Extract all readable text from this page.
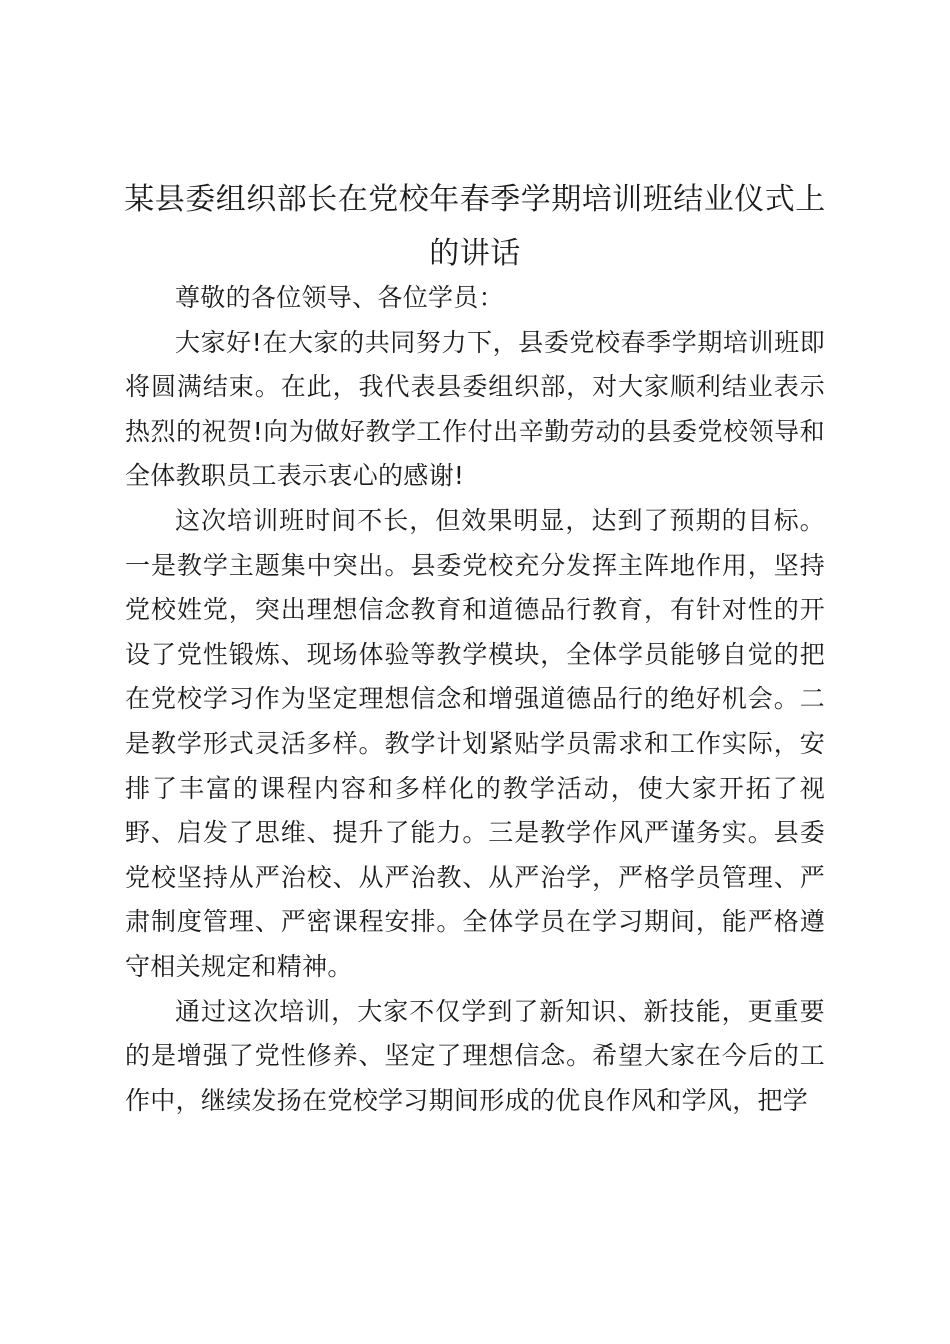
某县委组织部长在党校年春季学期培训班结业仪式上的讲话

尊敬的各位领导、各位学员：

大家好!在大家的共同努力下，县委党校春季学期培训班即将圆满结束。在此，我代表县委组织部，对大家顺利结业表示热烈的祝贺!向为做好教学工作付出辛勤劳动的县委党校领导和全体教职员工表示衷心的感谢!

这次培训班时间不长，但效果明显，达到了预期的目标。一是教学主题集中突出。县委党校充分发挥主阵地作用，坚持党校姓党，突出理想信念教育和道德品行教育，有针对性的开设了党性锻炼、现场体验等教学模块，全体学员能够自觉的把在党校学习作为坚定理想信念和增强道德品行的绝好机会。二是教学形式灵活多样。教学计划紧贴学员需求和工作实际，安排了丰富的课程内容和多样化的教学活动，使大家开拓了视野、启发了思维、提升了能力。三是教学作风严谨务实。县委党校坚持从严治校、从严治教、从严治学，严格学员管理、严肃制度管理、严密课程安排。全体学员在学习期间，能严格遵守相关规定和精神。

通过这次培训，大家不仅学到了新知识、新技能，更重要的是增强了党性修养、坚定了理想信念。希望大家在今后的工作中，继续发扬在党校学习期间形成的优良作风和学风，把学
